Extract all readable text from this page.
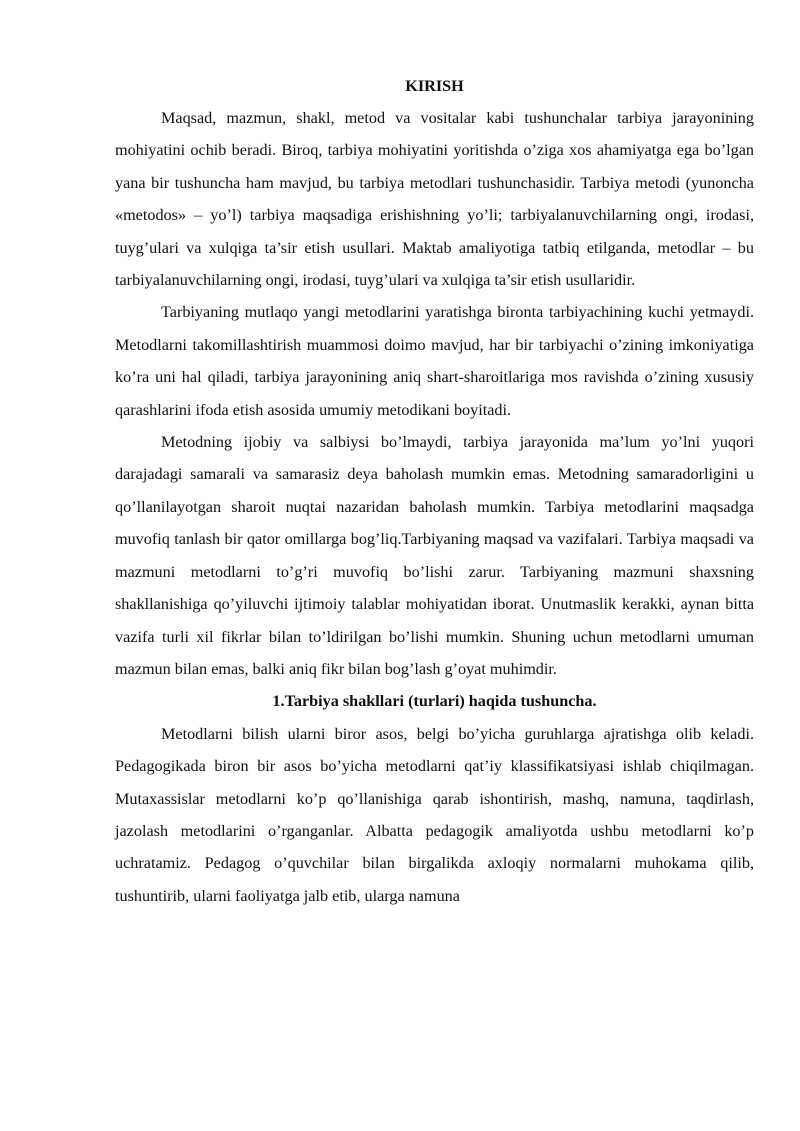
KIRISH

Maqsad, mazmun, shakl, metod va vositalar kabi tushunchalar tarbiya jarayonining mohiyatini ochib beradi. Biroq, tarbiya mohiyatini yoritishda o’ziga xos ahamiyatga ega bo’lgan yana bir tushuncha ham mavjud, bu tarbiya metodlari tushunchasidir. Tarbiya metodi (yunoncha «metodos» – yo’l) tarbiya maqsadiga erishishning yo’li; tarbiyalanuvchilarning ongi, irodasi, tuyg’ulari va xulqiga ta’sir etish usullari. Maktab amaliyotiga tatbiq etilganda, metodlar – bu tarbiyalanuvchilarning ongi, irodasi, tuyg’ulari va xulqiga ta’sir etish usullaridir.

Tarbiyaning mutlaqo yangi metodlarini yaratishga bironta tarbiyachining kuchi yetmaydi. Metodlarni takomillashtirish muammosi doimo mavjud, har bir tarbiyachi o’zining imkoniyatiga ko’ra uni hal qiladi, tarbiya jarayonining aniq shart-sharoitlariga mos ravishda o’zining xususiy qarashlarini ifoda etish asosida umumiy metodikani boyitadi.

Metodning ijobiy va salbiysi bo’lmaydi, tarbiya jarayonida ma’lum yo’lni yuqori darajadagi samarali va samarasiz deya baholash mumkin emas. Metodning samaradorligini u qo’llanilayotgan sharoit nuqtai nazaridan baholash mumkin. Tarbiya metodlarini maqsadga muvofiq tanlash bir qator omillarga bog’liq.Tarbiyaning maqsad va vazifalari. Tarbiya maqsadi va mazmuni metodlarni to’g’ri muvofiq bo’lishi zarur. Tarbiyaning mazmuni shaxsning shakllanishiga qo’yiluvchi ijtimoiy talablar mohiyatidan iborat. Unutmaslik kerakki, aynan bitta vazifa turli xil fikrlar bilan to’ldirilgan bo’lishi mumkin. Shuning uchun metodlarni umuman mazmun bilan emas, balki aniq fikr bilan bog’lash g’oyat muhimdir.

1.Tarbiya shakllari (turlari) haqida tushuncha.

Metodlarni bilish ularni biror asos, belgi bo’yicha guruhlarga ajratishga olib keladi. Pedagogikada biron bir asos bo’yicha metodlarni qat’iy klassifikatsiyasi ishlab chiqilmagan. Mutaxassislar metodlarni ko’p qo’llanishiga qarab ishontirish, mashq, namuna, taqdirlash, jazolash metodlarini o’rganganlar. Albatta pedagogik amaliyotda ushbu metodlarni ko’p uchratamiz. Pedagog o’quvchilar bilan birgalikda axloqiy normalarni muhokama qilib, tushuntirib, ularni faoliyatga jalb etib, ularga namuna
